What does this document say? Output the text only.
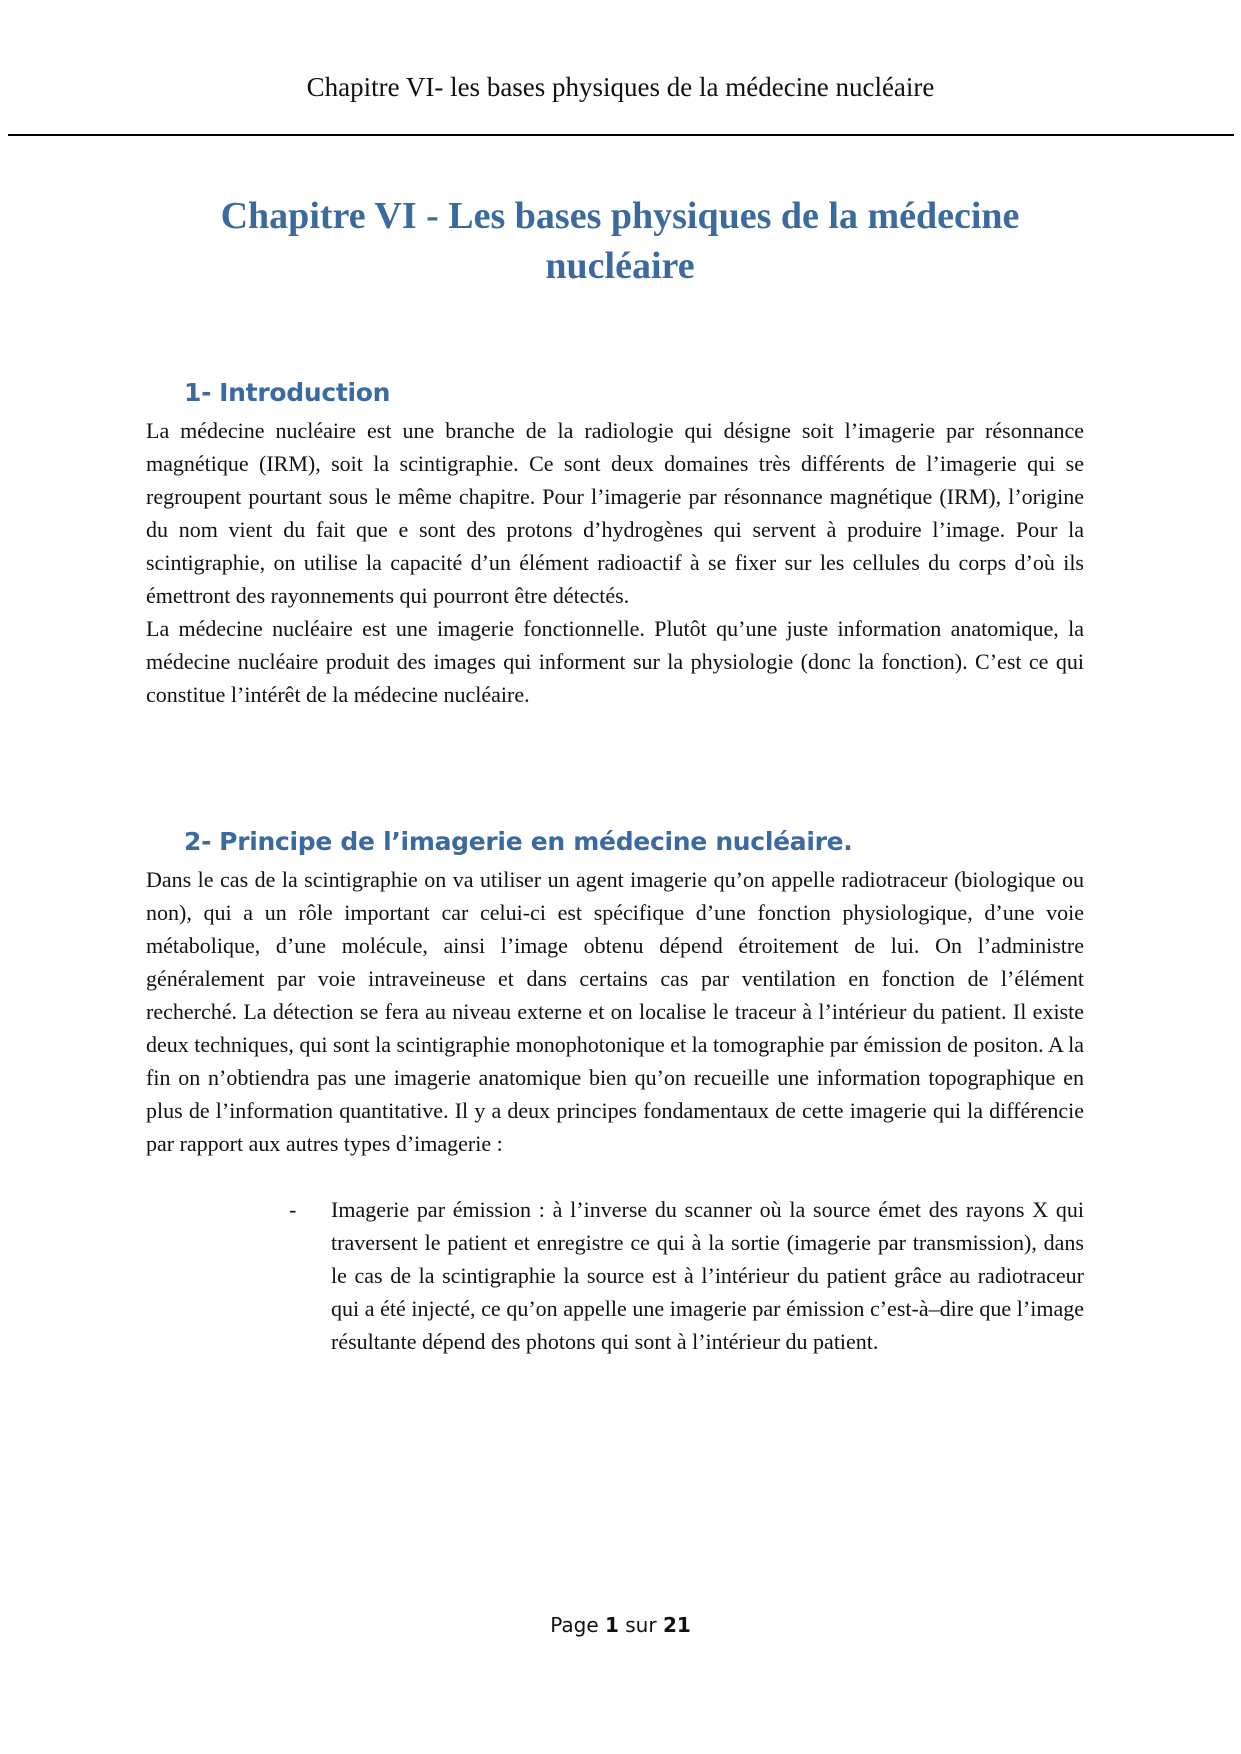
Chapitre VI- les bases physiques de la médecine nucléaire
Chapitre VI - Les bases physiques de la médecine
nucléaire
1- Introduction

La médecine nucléaire est une branche de la radiologie qui désigne soit l’imagerie par résonnance magnétique (IRM), soit la scintigraphie. Ce sont deux domaines très différents de l’imagerie qui se regroupent pourtant sous le même chapitre. Pour l’imagerie par résonnance magnétique (IRM), l’origine du nom vient du fait que e sont des protons d’hydrogènes qui servent à produire l’image. Pour la scintigraphie, on utilise la capacité d’un élément radioactif à se fixer sur les cellules du corps d’où ils émettront des rayonnements qui pourront être détectés.

La médecine nucléaire est une imagerie fonctionnelle. Plutôt qu’une juste information anatomique, la médecine nucléaire produit des images qui informent sur la physiologie (donc la fonction). C’est ce qui constitue l’intérêt de la médecine nucléaire.

2- Principe de l’imagerie en médecine nucléaire.

Dans le cas de la scintigraphie on va utiliser un agent imagerie qu’on appelle radiotraceur (biologique ou non), qui a un rôle important car celui-ci est spécifique d’une fonction physiologique, d’une voie métabolique, d’une molécule, ainsi l’image obtenu dépend étroitement de lui. On l’administre généralement par voie intraveineuse et dans certains cas par ventilation en fonction de l’élément recherché. La détection se fera au niveau externe et on localise le traceur à l’intérieur du patient. Il existe deux techniques, qui sont la scintigraphie monophotonique et la tomographie par émission de positon. A la fin on n’obtiendra pas une imagerie anatomique bien qu’on recueille une information topographique en plus de l’information quantitative. Il y a deux principes fondamentaux de cette imagerie qui la différencie par rapport aux autres types d’imagerie :

- Imagerie par émission : à l’inverse du scanner où la source émet des rayons X qui traversent le patient et enregistre ce qui à la sortie (imagerie par transmission), dans le cas de la scintigraphie la source est à l’intérieur du patient grâce au radiotraceur qui a été injecté, ce qu’on appelle une imagerie par émission c’est-à–dire que l’image résultante dépend des photons qui sont à l’intérieur du patient.
Page 1 sur 21
